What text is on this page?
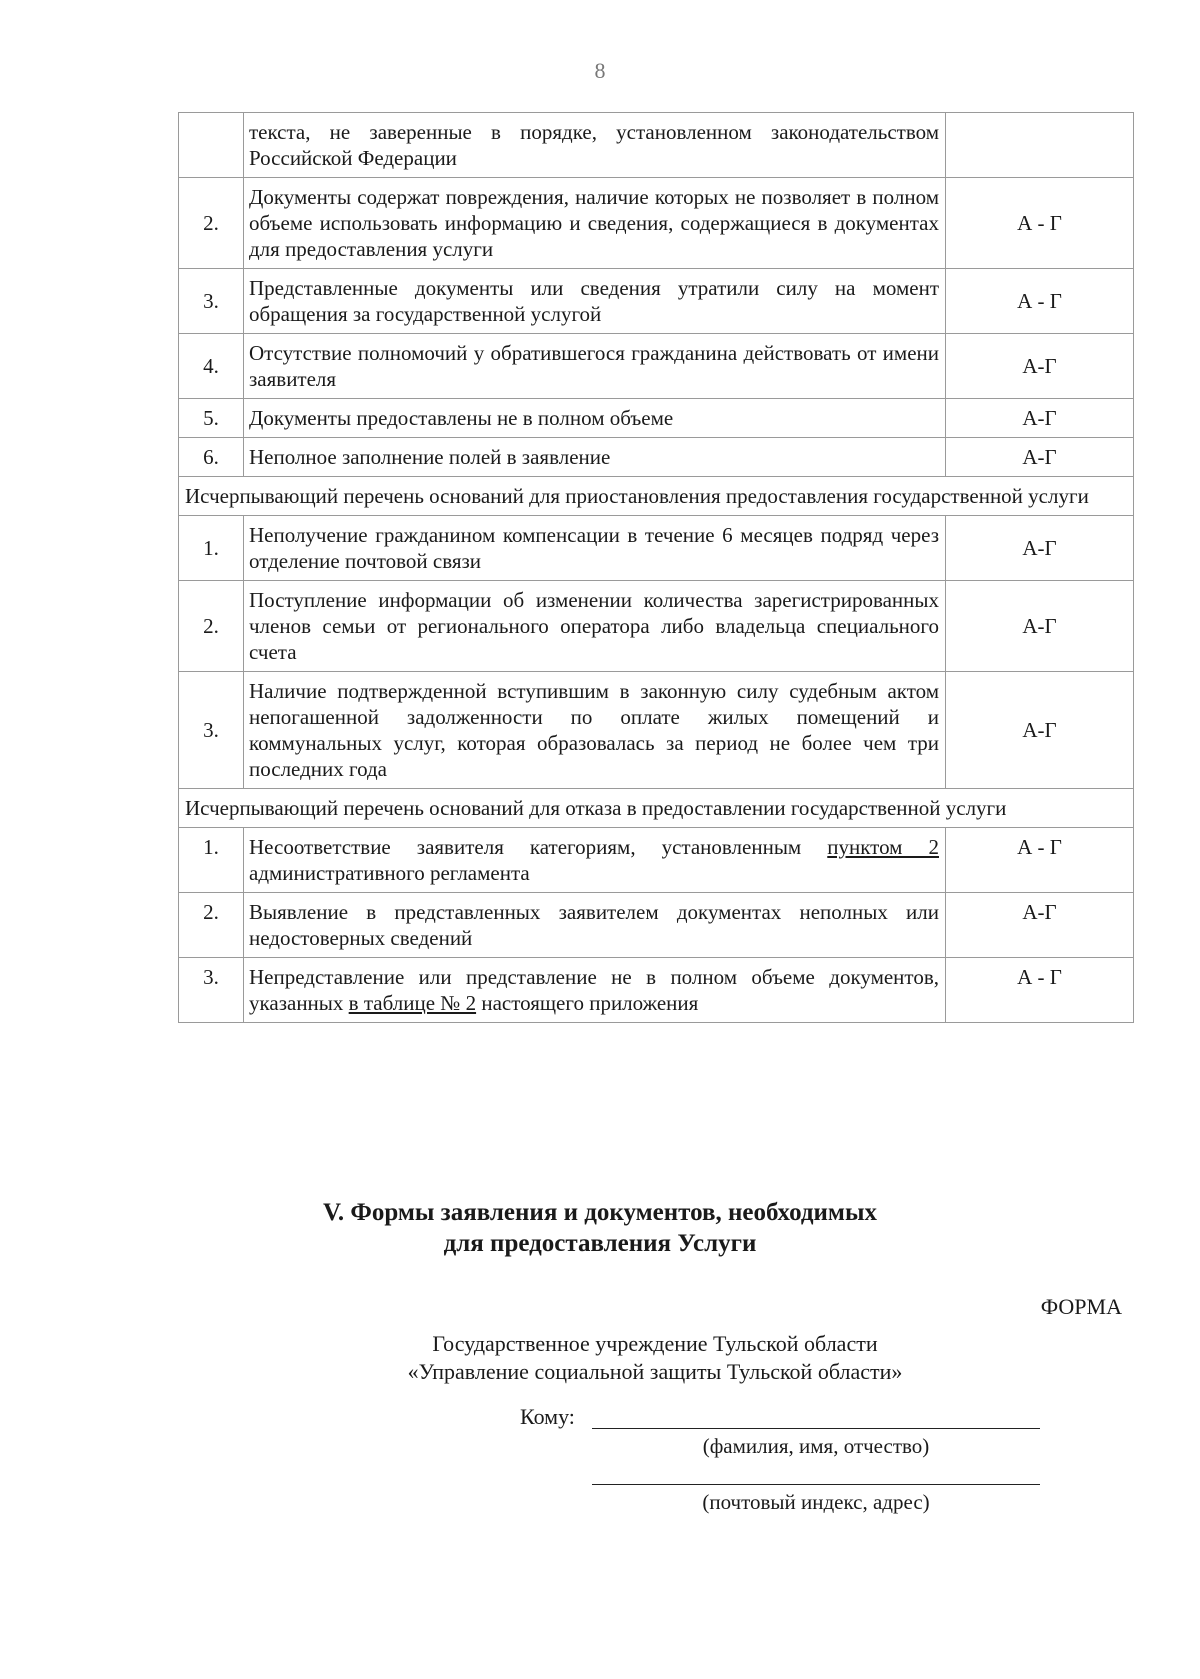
8
	текста, не заверенные в порядке, установленном законодательством Российской Федерации	
2.	Документы содержат повреждения, наличие которых не позволяет в полном объеме использовать информацию и сведения, содержащиеся в документах для предоставления услуги	А - Г
3.	Представленные документы или сведения утратили силу на момент обращения за государственной услугой	А - Г
4.	Отсутствие полномочий у обратившегося гражданина действовать от имени заявителя	А-Г
5.	Документы предоставлены не в полном объеме	А-Г
6.	Неполное заполнение полей в заявление	А-Г
Исчерпывающий перечень оснований для приостановления предоставления государственной услуги		
1.	Неполучение гражданином компенсации в течение 6 месяцев подряд через отделение почтовой связи	А-Г
2.	Поступление информации об изменении количества зарегистрированных членов семьи от регионального оператора либо владельца специального счета	А-Г
3.	Наличие подтвержденной вступившим в законную силу судебным актом непогашенной задолженности по оплате жилых помещений и коммунальных услуг, которая образовалась за период не более чем три последних года	А-Г
Исчерпывающий перечень оснований для отказа в предоставлении государственной услуги		
1.	Несоответствие заявителя категориям, установленным пунктом 2 административного регламента	А - Г
2.	Выявление в представленных заявителем документах неполных или недостоверных сведений	А-Г
3.	Непредставление или представление не в полном объеме документов, указанных в таблице № 2 настоящего приложения	А - Г
V. Формы заявления и документов, необходимых
для предоставления Услуги
ФОРМА
Государственное учреждение Тульской области
«Управление социальной защиты Тульской области»
Кому:
(фамилия, имя, отчество)
(почтовый индекс, адрес)
